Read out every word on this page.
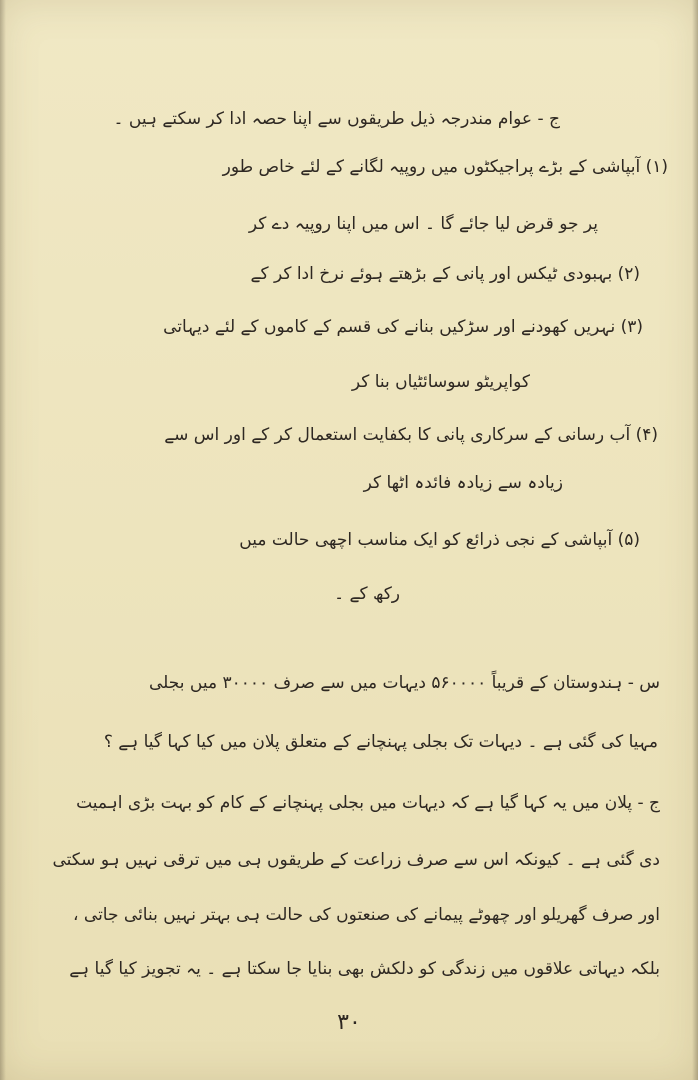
ج - عوام مندرجہ ذیل طریقوں سے اپنا حصہ ادا کر سکتے ہیں ۔
(۱) آبپاشی کے بڑے پراجیکٹوں میں روپیہ لگانے کے لئے خاص طور
پر جو قرض لیا جائے گا ۔ اس میں اپنا روپیہ دے کر
(۲) بہبودی ٹیکس اور پانی کے بڑھتے ہوئے نرخ ادا کر کے
(۳) نہریں کھودنے اور سڑکیں بنانے کی قسم کے کاموں کے لئے دیہاتی
کواپریٹو سوسائٹیاں بنا کر
(۴) آب رسانی کے سرکاری پانی کا بکفایت استعمال کر کے اور اس سے
زیادہ سے زیادہ فائدہ اٹھا کر
(۵) آبپاشی کے نجی ذرائع کو ایک مناسب اچھی حالت میں
رکھ کے ۔
س - ہندوستان کے قریباً ۵۶۰۰۰۰ دیہات میں سے صرف ۳۰۰۰۰ میں بجلی
مہیا کی گئی ہے ۔ دیہات تک بجلی پہنچانے کے متعلق پلان میں کیا کہا گیا ہے ؟
ج - پلان میں یہ کہا گیا ہے کہ دیہات میں بجلی پہنچانے کے کام کو بہت بڑی اہمیت
دی گئی ہے ۔ کیونکہ اس سے صرف زراعت کے طریقوں ہی میں ترقی نہیں ہو سکتی
اور صرف گھریلو اور چھوٹے پیمانے کی صنعتوں کی حالت ہی بہتر نہیں بنائی جاتی ،
بلکہ دیہاتی علاقوں میں زندگی کو دلکش بھی بنایا جا سکتا ہے ۔ یہ تجویز کیا گیا ہے
۳۰
